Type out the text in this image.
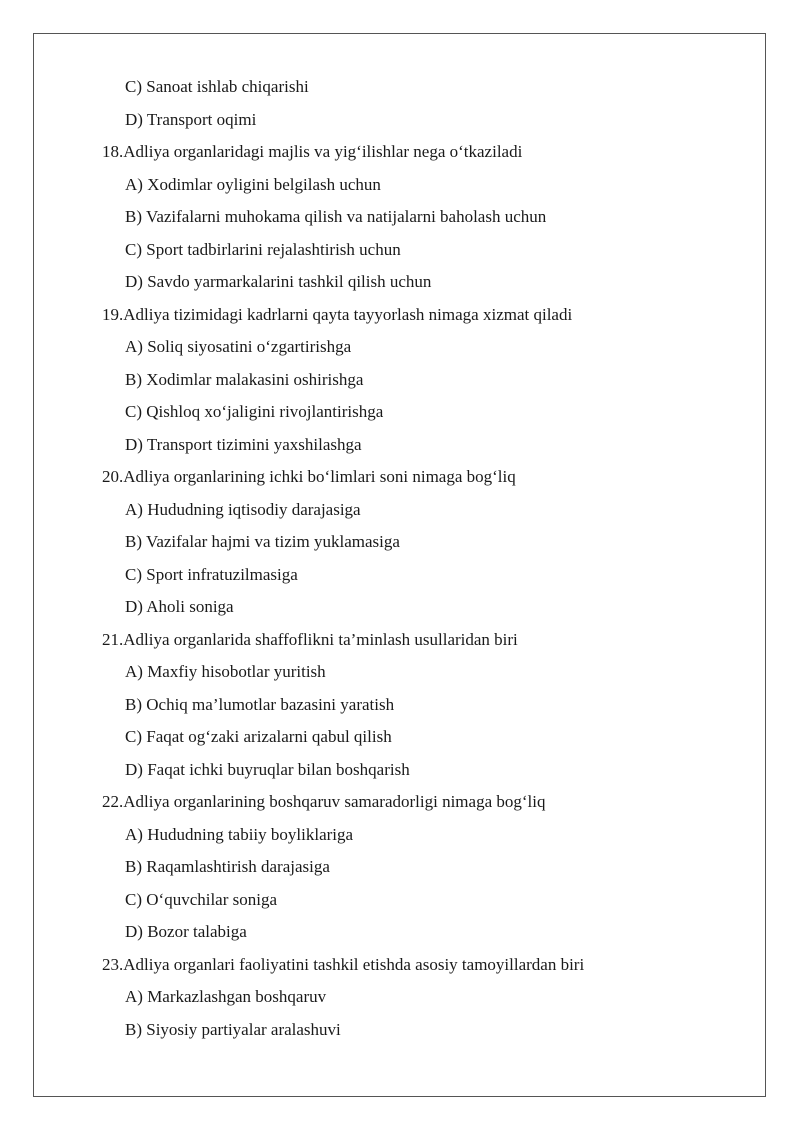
C) Sanoat ishlab chiqarishi
D) Transport oqimi
18.Adliya organlaridagi majlis va yig‘ilishlar nega o‘tkaziladi
A) Xodimlar oyligini belgilash uchun
B) Vazifalarni muhokama qilish va natijalarni baholash uchun
C) Sport tadbirlarini rejalashtirish uchun
D) Savdo yarmarkalarini tashkil qilish uchun
19.Adliya tizimidagi kadrlarni qayta tayyorlash nimaga xizmat qiladi
A) Soliq siyosatini o‘zgartirishga
B) Xodimlar malakasini oshirishga
C) Qishloq xo‘jaligini rivojlantirishga
D) Transport tizimini yaxshilashga
20.Adliya organlarining ichki bo‘limlari soni nimaga bog‘liq
A) Hududning iqtisodiy darajasiga
B) Vazifalar hajmi va tizim yuklamasiga
C) Sport infratuzilmasiga
D) Aholi soniga
21.Adliya organlarida shaffoflikni ta’minlash usullaridan biri
A) Maxfiy hisobotlar yuritish
B) Ochiq ma’lumotlar bazasini yaratish
C) Faqat og‘zaki arizalarni qabul qilish
D) Faqat ichki buyruqlar bilan boshqarish
22.Adliya organlarining boshqaruv samaradorligi nimaga bog‘liq
A) Hududning tabiiy boyliklariga
B) Raqamlashtirish darajasiga
C) O‘quvchilar soniga
D) Bozor talabiga
23.Adliya organlari faoliyatini tashkil etishda asosiy tamoyillardan biri
A) Markazlashgan boshqaruv
B) Siyosiy partiyalar aralashuvi
